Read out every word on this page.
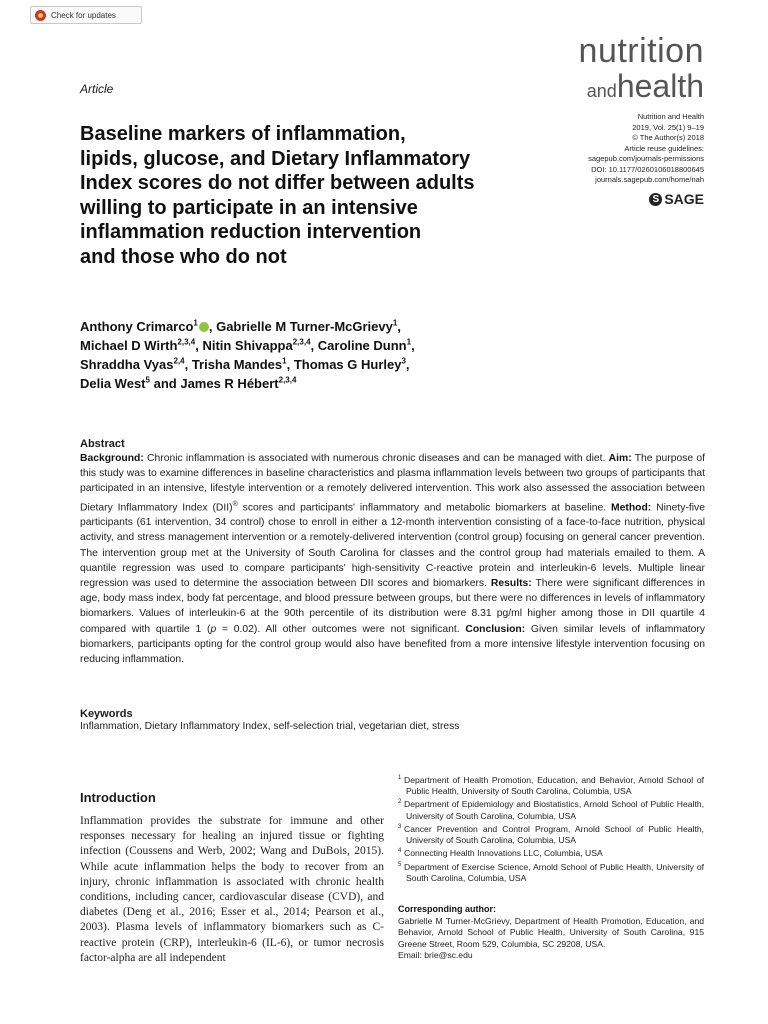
Check for updates
nutrition
andhealth
Article
Nutrition and Health
2019, Vol. 25(1) 9–19
© The Author(s) 2018
Article reuse guidelines:
sagepub.com/journals-permissions
DOI: 10.1177/0260106018800645
journals.sagepub.com/home/nah
S SAGE
Baseline markers of inflammation,
lipids, glucose, and Dietary Inflammatory
Index scores do not differ between adults
willing to participate in an intensive
inflammation reduction intervention
and those who do not
Anthony Crimarco$^1$ , Gabrielle M Turner-McGrievy$^1$,
Michael D Wirth$^{2,3,4}$, Nitin Shivappa$^{2,3,4}$, Caroline Dunn$^1$,
Shraddha Vyas$^{2,4}$, Trisha Mandes$^1$, Thomas G Hurley$^3$,
Delia West$^5$ and James R Hébert$^{2,3,4}$
Abstract
Background: Chronic inflammation is associated with numerous chronic diseases and can be managed with diet. Aim: The purpose of this study was to examine differences in baseline characteristics and plasma inflammation levels between two groups of participants that participated in an intensive, lifestyle intervention or a remotely delivered intervention. This work also assessed the association between Dietary Inflammatory Index (DII)® scores and participants' inflammatory and metabolic biomarkers at baseline. Method: Ninety-five participants (61 intervention, 34 control) chose to enroll in either a 12-month intervention consisting of a face-to-face nutrition, physical activity, and stress management intervention or a remotely-delivered intervention (control group) focusing on general cancer prevention. The intervention group met at the University of South Carolina for classes and the control group had materials emailed to them. A quantile regression was used to compare participants' high-sensitivity C-reactive protein and interleukin-6 levels. Multiple linear regression was used to determine the association between DII scores and biomarkers. Results: There were significant differences in age, body mass index, body fat percentage, and blood pressure between groups, but there were no differences in levels of inflammatory biomarkers. Values of interleukin-6 at the 90th percentile of its distribution were 8.31 pg/ml higher among those in DII quartile 4 compared with quartile 1 (p = 0.02). All other outcomes were not significant. Conclusion: Given similar levels of inflammatory biomarkers, participants opting for the control group would also have benefited from a more intensive lifestyle intervention focusing on reducing inflammation.
Keywords
Inflammation, Dietary Inflammatory Index, self-selection trial, vegetarian diet, stress
Introduction
Inflammation provides the substrate for immune and other responses necessary for healing an injured tissue or fighting infection (Coussens and Werb, 2002; Wang and DuBois, 2015). While acute inflammation helps the body to recover from an injury, chronic inflammation is associated with chronic health conditions, including cancer, cardiovascular disease (CVD), and diabetes (Deng et al., 2016; Esser et al., 2014; Pearson et al., 2003). Plasma levels of inflammatory biomarkers such as C-reactive protein (CRP), interleukin-6 (IL-6), or tumor necrosis factor-alpha are all independent
$^1$ Department of Health Promotion, Education, and Behavior, Arnold School of Public Health, University of South Carolina, Columbia, USA
$^2$ Department of Epidemiology and Biostatistics, Arnold School of Public Health, University of South Carolina, Columbia, USA
$^3$ Cancer Prevention and Control Program, Arnold School of Public Health, University of South Carolina, Columbia, USA
$^4$ Connecting Health Innovations LLC, Columbia, USA
$^5$ Department of Exercise Science, Arnold School of Public Health, University of South Carolina, Columbia, USA
Corresponding author:
Gabrielle M Turner-McGrievy, Department of Health Promotion, Education, and Behavior, Arnold School of Public Health, University of South Carolina, 915 Greene Street, Room 529, Columbia, SC 29208, USA.
Email: brie@sc.edu
